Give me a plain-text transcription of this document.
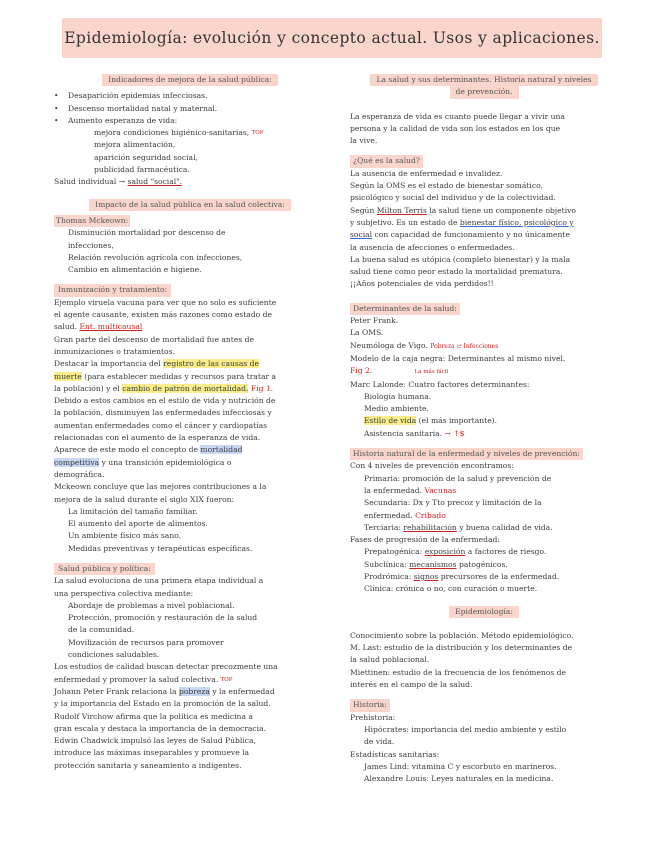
Epidemiología: evolución y concepto actual. Usos y aplicaciones.
Indicadores de mejora de la salud pública:

• Desaparición epidemias infecciosas.

• Descenso mortalidad natal y maternal.

• Aumento esperanza de vida:

mejora condiciones higiénico-sanitarias, $^{TOP}$

mejora alimentación,

aparición seguridad social,

publicidad farmacéutica.

Salud individual → salud "social".

Impacto de la salud pública en la salud colectiva:

Thomas Mckeown:

Disminución mortalidad por descenso de

infecciones,

Relación revolución agrícola con infecciones,

Cambio en alimentación e higiene.

Inmunización y tratamiento:

Ejemplo viruela vacuna para ver que no solo es suficiente

el agente causante, existen más razones como estado de

salud. Ent. multicausal

Gran parte del descenso de mortalidad fue antes de

inmunizaciones o tratamientos.

Destacar la importancia del registro de las causas de

muerte (para establecer medidas y recursos para tratar a

la población) y el cambio de patrón de mortalidad. Fig 1.

Debido a estos cambios en el estilo de vida y nutrición de

la población, disminuyen las enfermedades infecciosas y

aumentan enfermedades como el cáncer y cardiopatías

relacionadas con el aumento de la esperanza de vida.

Aparece de este modo el concepto de mortalidad

competitiva y una transición epidemiológica o

demográfica.

Mckeown concluye que las mejores contribuciones a la

mejora de la salud durante el siglo XIX fueron:

La limitación del tamaño familiar.

El aumento del aporte de alimentos.

Un ambiente físico más sano.

Medidas preventivas y terapéuticas específicas.

Salud pública y política:

La salud evoluciona de una primera etapa individual a

una perspectiva colectiva mediante:

Abordaje de problemas a nivel poblacional.

Protección, promoción y restauración de la salud

de la comunidad.

Movilización de recursos para promover

condiciones saludables.

Los estudios de calidad buscan detectar precozmente una

enfermedad y promover la salud colectiva. $^{TOP}$

Johann Peter Frank relaciona la pobreza y la enfermedad

y la importancia del Estado en la promoción de la salud.

Rudolf Virchow afirma que la política es medicina a

gran escala y destaca la importancia de la democracia.

Edwin Chadwick impulsó las leyes de Salud Pública,

introduce las máximas inseparables y promueve la

protección sanitaria y saneamiento a indigentes.

La salud y sus determinantes. Historia natural y niveles
de prevención.

La esperanza de vida es cuanto puede llegar a vivir una

persona y la calidad de vida son los estados en los que

la vive.

¿Qué es la salud?

La ausencia de enfermedad e invalidez.

Según la OMS es el estado de bienestar somático,

psicológico y social del individuo y de la colectividad.

Según Milton Terris la salud tiene un componente objetivo

y subjetivo. Es un estado de bienestar físico, psicológico y

social con capacidad de funcionamiento y no únicamente

la ausencia de afecciones o enfermedades.

La buena salud es utópica (completo bienestar) y la mala

salud tiene como peor estado la mortalidad prematura.

¡¡Años potenciales de vida perdidos!!

Determinantes de la salud:

Peter Frank.

La OMS.

Neumóloga de Vigo. Pobreza ⇄ Infecciones

Modelo de la caja negra: Determinantes al mismo nivel.

Fig 2.	La más fácil

Marc Lalonde: Cuatro factores determinantes:

Biología humana.

Medio ambiente.

Estilo de vida (el más importante).

Asistencia sanitaria. → ↑$

Historia natural de la enfermedad y niveles de prevención:

Con 4 niveles de prevención encontramos:

Primaria: promoción de la salud y prevención de

la enfermedad. Vacunas

Secundaria: Dx y Tto precoz y limitación de la

enfermedad. Cribado

Terciaria: rehabilitación y buena calidad de vida.

Fases de progresión de la enfermedad:

Prepatogénica: exposición a factores de riesgo.

Subclínica: mecanismos patogénicos.

Prodrómica: signos precursores de la enfermedad.

Clínica: crónica o no, con curación o muerte.

Epidemiología:

Conocimiento sobre la población. Método epidemiológico.

M. Last: estudio de la distribución y los determinantes de

la salud poblacional.

Miettinen: estudio de la frecuencia de los fenómenos de

interés en el campo de la salud.

Historia:

Prehistoria:

Hipócrates: importancia del medio ambiente y estilo

de vida.

Estadísticas sanitarias:

James Lind: vitamina C y escorbuto en marineros.

Alexandre Louis: Leyes naturales en la medicina.
